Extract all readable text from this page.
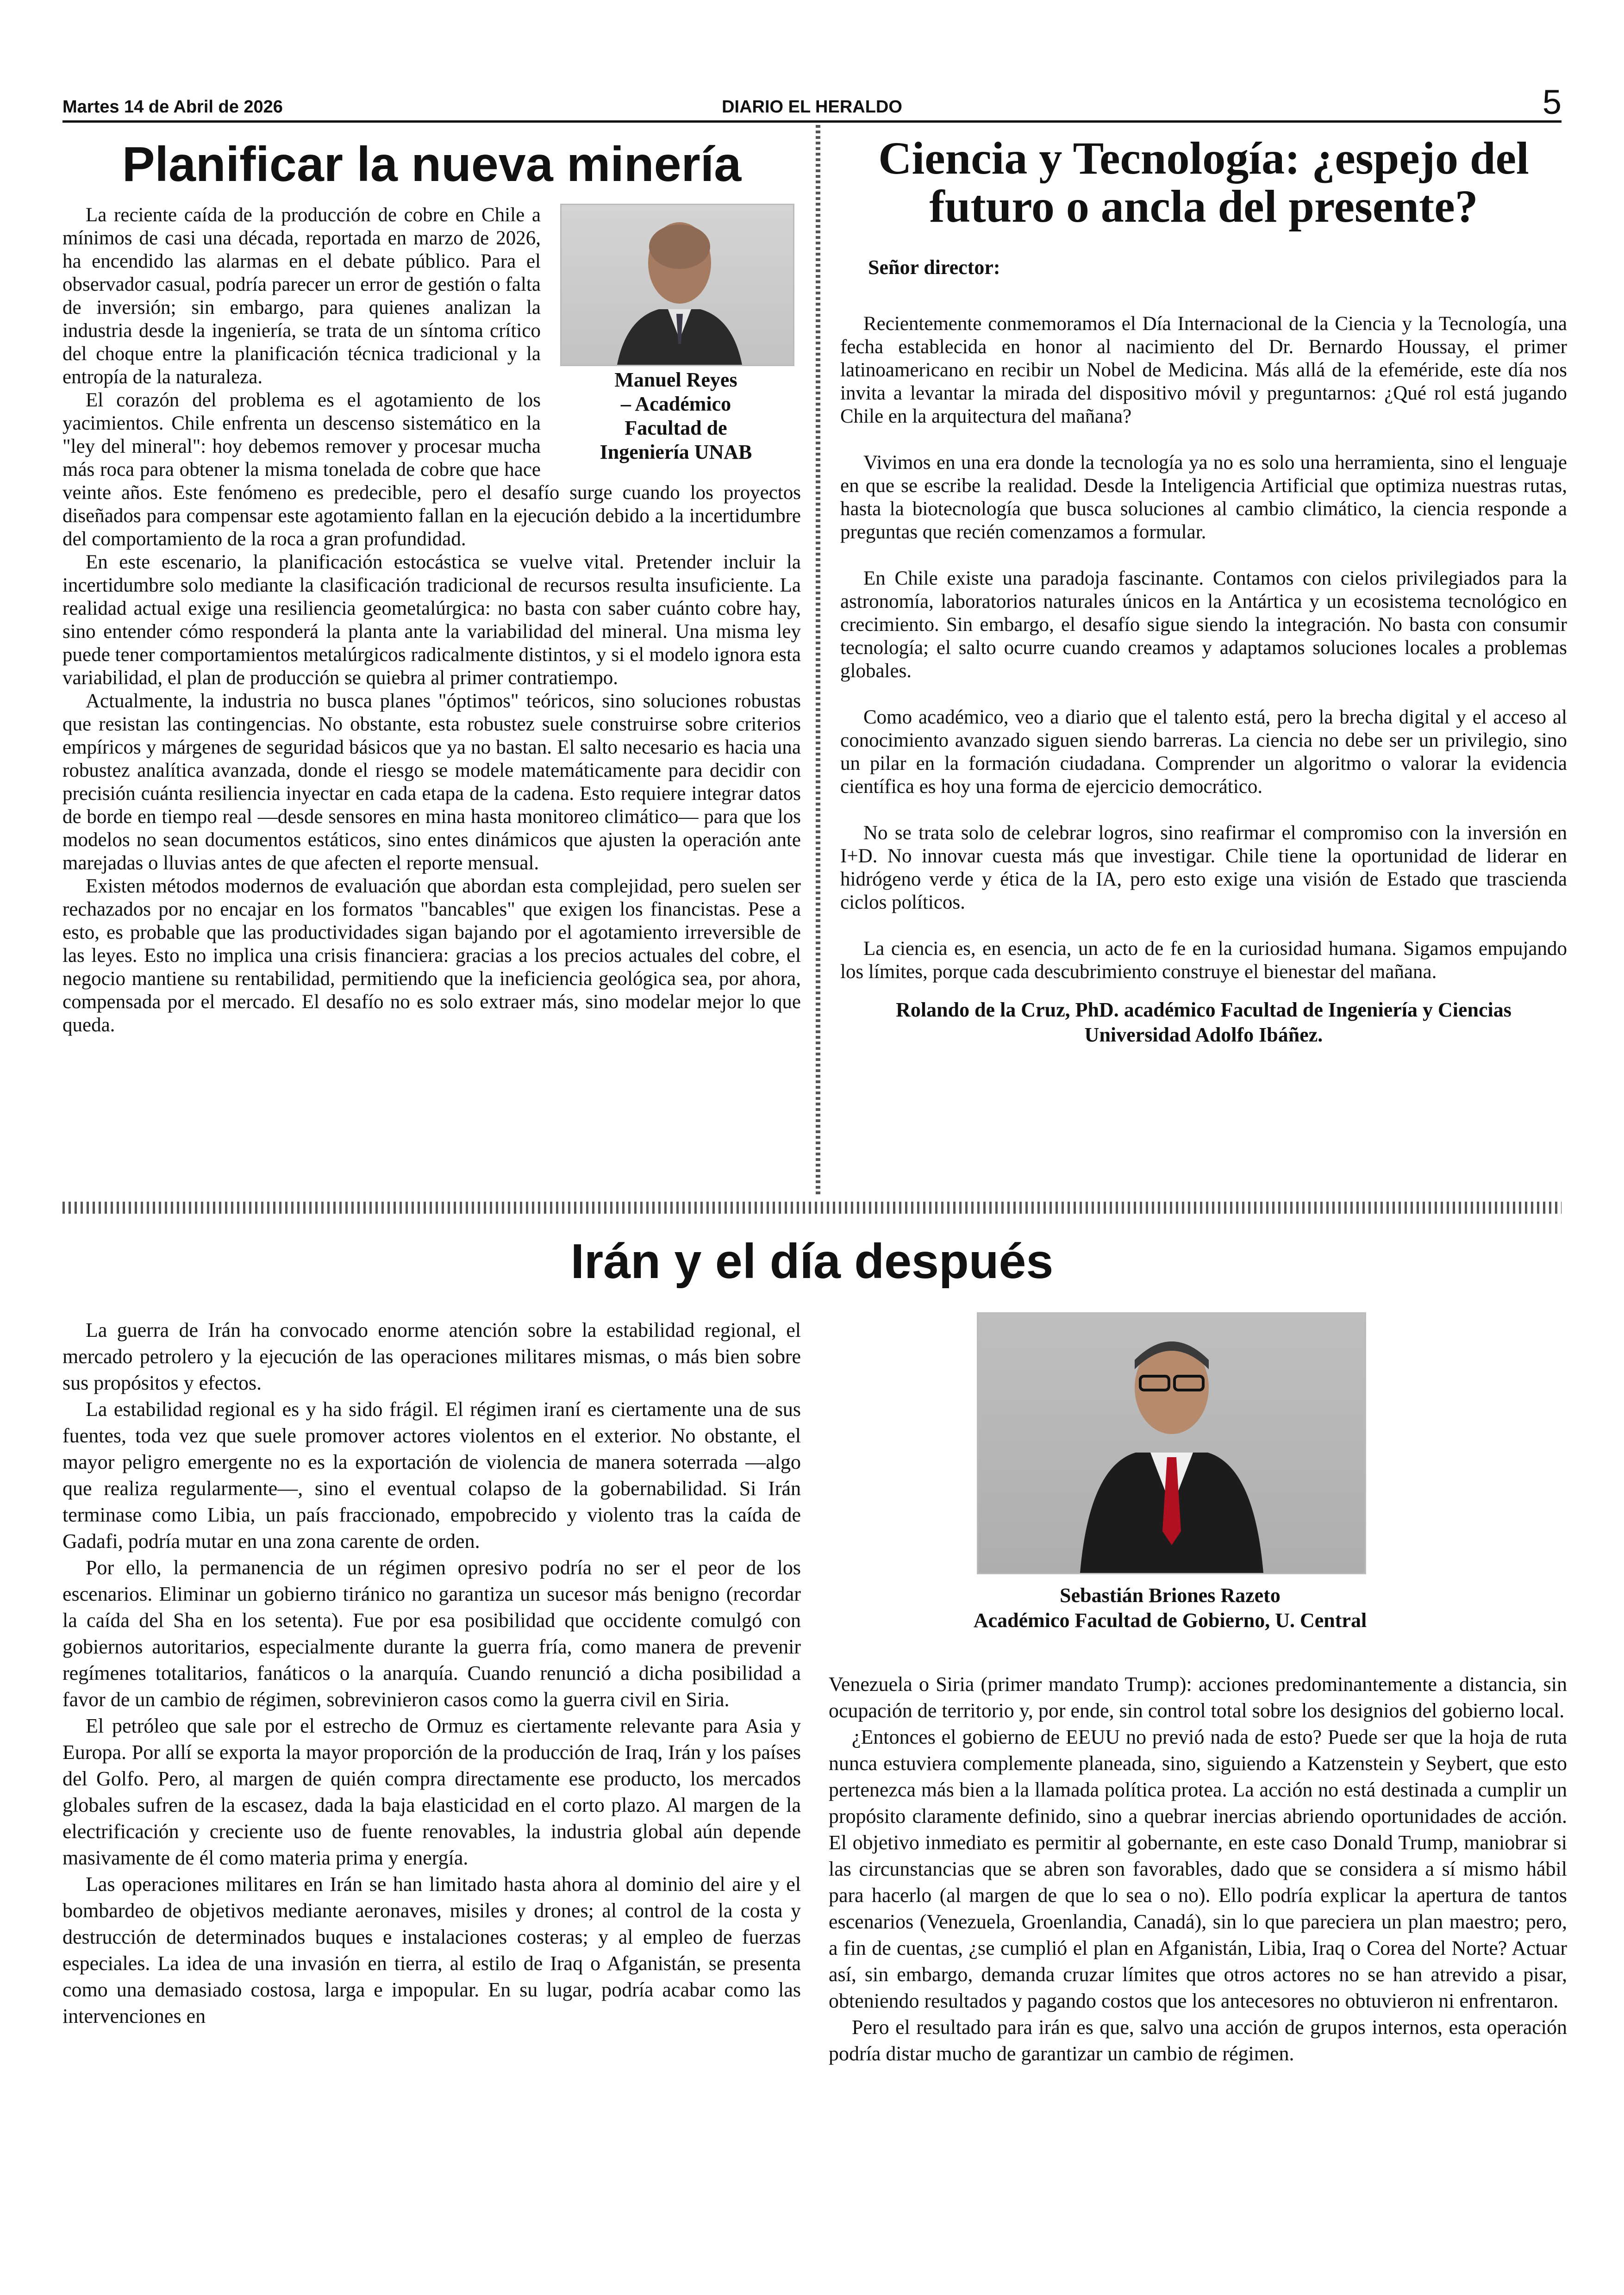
Martes 14 de Abril de 2026	DIARIO EL HERALDO	5
Planificar la nueva minería
Manuel Reyes
– Académico
Facultad de
Ingeniería UNAB

La reciente caída de la producción de cobre en Chile a mínimos de casi una década, reportada en marzo de 2026, ha encendido las alarmas en el debate público. Para el observador casual, podría parecer un error de gestión o falta de inversión; sin embargo, para quienes analizan la industria desde la ingeniería, se trata de un síntoma crítico del choque entre la planificación técnica tradicional y la entropía de la naturaleza.

El corazón del problema es el agotamiento de los yacimientos. Chile enfrenta un descenso sistemático en la "ley del mineral": hoy debemos remover y procesar mucha más roca para obtener la misma tonelada de cobre que hace veinte años. Este fenómeno es predecible, pero el desafío surge cuando los proyectos diseñados para compensar este agotamiento fallan en la ejecución debido a la incertidumbre del comportamiento de la roca a gran profundidad.

En este escenario, la planificación estocástica se vuelve vital. Pretender incluir la incertidumbre solo mediante la clasificación tradicional de recursos resulta insuficiente. La realidad actual exige una resiliencia geometalúrgica: no basta con saber cuánto cobre hay, sino entender cómo responderá la planta ante la variabilidad del mineral. Una misma ley puede tener comportamientos metalúrgicos radicalmente distintos, y si el modelo ignora esta variabilidad, el plan de producción se quiebra al primer contratiempo.

Actualmente, la industria no busca planes "óptimos" teóricos, sino soluciones robustas que resistan las contingencias. No obstante, esta robustez suele construirse sobre criterios empíricos y márgenes de seguridad básicos que ya no bastan. El salto necesario es hacia una robustez analítica avanzada, donde el riesgo se modele matemáticamente para decidir con precisión cuánta resiliencia inyectar en cada etapa de la cadena. Esto requiere integrar datos de borde en tiempo real —desde sensores en mina hasta monitoreo climático— para que los modelos no sean documentos estáticos, sino entes dinámicos que ajusten la operación ante marejadas o lluvias antes de que afecten el reporte mensual.

Existen métodos modernos de evaluación que abordan esta complejidad, pero suelen ser rechazados por no encajar en los formatos "bancables" que exigen los financistas. Pese a esto, es probable que las productividades sigan bajando por el agotamiento irreversible de las leyes. Esto no implica una crisis financiera: gracias a los precios actuales del cobre, el negocio mantiene su rentabilidad, permitiendo que la ineficiencia geológica sea, por ahora, compensada por el mercado. El desafío no es solo extraer más, sino modelar mejor lo que queda.

Ciencia y Tecnología: ¿espejo del futuro o ancla del presente?
Señor director:

Recientemente conmemoramos el Día Internacional de la Ciencia y la Tecnología, una fecha establecida en honor al nacimiento del Dr. Bernardo Houssay, el primer latinoamericano en recibir un Nobel de Medicina. Más allá de la efeméride, este día nos invita a levantar la mirada del dispositivo móvil y preguntarnos: ¿Qué rol está jugando Chile en la arquitectura del mañana?

Vivimos en una era donde la tecnología ya no es solo una herramienta, sino el lenguaje en que se escribe la realidad. Desde la Inteligencia Artificial que optimiza nuestras rutas, hasta la biotecnología que busca soluciones al cambio climático, la ciencia responde a preguntas que recién comenzamos a formular.

En Chile existe una paradoja fascinante. Contamos con cielos privilegiados para la astronomía, laboratorios naturales únicos en la Antártica y un ecosistema tecnológico en crecimiento. Sin embargo, el desafío sigue siendo la integración. No basta con consumir tecnología; el salto ocurre cuando creamos y adaptamos soluciones locales a problemas globales.

Como académico, veo a diario que el talento está, pero la brecha digital y el acceso al conocimiento avanzado siguen siendo barreras. La ciencia no debe ser un privilegio, sino un pilar en la formación ciudadana. Comprender un algoritmo o valorar la evidencia científica es hoy una forma de ejercicio democrático.

No se trata solo de celebrar logros, sino reafirmar el compromiso con la inversión en I+D. No innovar cuesta más que investigar. Chile tiene la oportunidad de liderar en hidrógeno verde y ética de la IA, pero esto exige una visión de Estado que trascienda ciclos políticos.

La ciencia es, en esencia, un acto de fe en la curiosidad humana. Sigamos empujando los límites, porque cada descubrimiento construye el bienestar del mañana.

Rolando de la Cruz, PhD. académico Facultad de Ingeniería y Ciencias Universidad Adolfo Ibáñez.
Irán y el día después

La guerra de Irán ha convocado enorme atención sobre la estabilidad regional, el mercado petrolero y la ejecución de las operaciones militares mismas, o más bien sobre sus propósitos y efectos.

La estabilidad regional es y ha sido frágil. El régimen iraní es ciertamente una de sus fuentes, toda vez que suele promover actores violentos en el exterior. No obstante, el mayor peligro emergente no es la exportación de violencia de manera soterrada —algo que realiza regularmente—, sino el eventual colapso de la gobernabilidad. Si Irán terminase como Libia, un país fraccionado, empobrecido y violento tras la caída de Gadafi, podría mutar en una zona carente de orden.

Por ello, la permanencia de un régimen opresivo podría no ser el peor de los escenarios. Eliminar un gobierno tiránico no garantiza un sucesor más benigno (recordar la caída del Sha en los setenta). Fue por esa posibilidad que occidente comulgó con gobiernos autoritarios, especialmente durante la guerra fría, como manera de prevenir regímenes totalitarios, fanáticos o la anarquía. Cuando renunció a dicha posibilidad a favor de un cambio de régimen, sobrevinieron casos como la guerra civil en Siria.

El petróleo que sale por el estrecho de Ormuz es ciertamente relevante para Asia y Europa. Por allí se exporta la mayor proporción de la producción de Iraq, Irán y los países del Golfo. Pero, al margen de quién compra directamente ese producto, los mercados globales sufren de la escasez, dada la baja elasticidad en el corto plazo. Al margen de la electrificación y creciente uso de fuente renovables, la industria global aún depende masivamente de él como materia prima y energía.

Las operaciones militares en Irán se han limitado hasta ahora al dominio del aire y el bombardeo de objetivos mediante aeronaves, misiles y drones; al control de la costa y destrucción de determinados buques e instalaciones costeras; y al empleo de fuerzas especiales. La idea de una invasión en tierra, al estilo de Iraq o Afganistán, se presenta como una demasiado costosa, larga e impopular. En su lugar, podría acabar como las intervenciones en

Sebastián Briones Razeto
Académico Facultad de Gobierno, U. Central

Venezuela o Siria (primer mandato Trump): acciones predominantemente a distancia, sin ocupación de territorio y, por ende, sin control total sobre los designios del gobierno local.

¿Entonces el gobierno de EEUU no previó nada de esto? Puede ser que la hoja de ruta nunca estuviera complemente planeada, sino, siguiendo a Katzenstein y Seybert, que esto pertenezca más bien a la llamada política protea. La acción no está destinada a cumplir un propósito claramente definido, sino a quebrar inercias abriendo oportunidades de acción. El objetivo inmediato es permitir al gobernante, en este caso Donald Trump, maniobrar si las circunstancias que se abren son favorables, dado que se considera a sí mismo hábil para hacerlo (al margen de que lo sea o no). Ello podría explicar la apertura de tantos escenarios (Venezuela, Groenlandia, Canadá), sin lo que pareciera un plan maestro; pero, a fin de cuentas, ¿se cumplió el plan en Afganistán, Libia, Iraq o Corea del Norte? Actuar así, sin embargo, demanda cruzar límites que otros actores no se han atrevido a pisar, obteniendo resultados y pagando costos que los antecesores no obtuvieron ni enfrentaron.

Pero el resultado para irán es que, salvo una acción de grupos internos, esta operación podría distar mucho de garantizar un cambio de régimen.
